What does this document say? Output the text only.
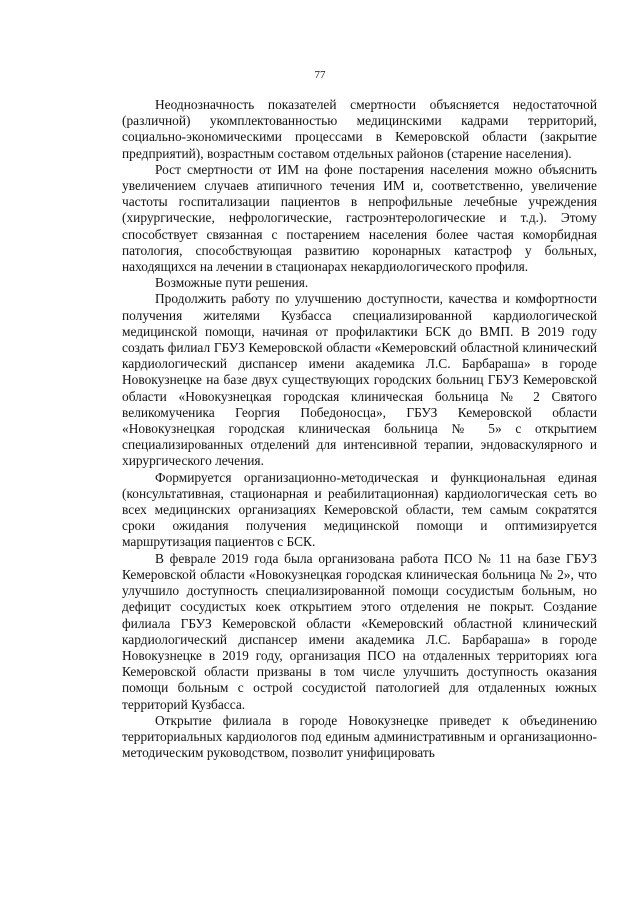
77

Неоднозначность показателей смертности объясняется недостаточной (различной) укомплектованностью медицинскими кадрами территорий, социально-экономическими процессами в Кемеровской области (закрытие предприятий), возрастным составом отдельных районов (старение населения).

Рост смертности от ИМ на фоне постарения населения можно объяснить увеличением случаев атипичного течения ИМ и, соответственно, увеличение частоты госпитализации пациентов в непрофильные лечебные учреждения (хирургические, нефрологические, гастроэнтерологические и т.д.). Этому способствует связанная с постарением населения более частая коморбидная патология, способствующая развитию коронарных катастроф у больных, находящихся на лечении в стационарах некардиологического профиля.

Возможные пути решения.

Продолжить работу по улучшению доступности, качества и комфортности получения жителями Кузбасса специализированной кардиологической медицинской помощи, начиная от профилактики БСК до ВМП. В 2019 году создать филиал ГБУЗ Кемеровской области «Кемеровский областной клинический кардиологический диспансер имени академика Л.С. Барбараша» в городе Новокузнецке на базе двух существующих городских больниц ГБУЗ Кемеровской области «Новокузнецкая городская клиническая больница № 2 Святого великомученика Георгия Победоносца», ГБУЗ Кемеровской области «Новокузнецкая городская клиническая больница № 5» с открытием специализированных отделений для интенсивной терапии, эндоваскулярного и хирургического лечения.

Формируется организационно-методическая и функциональная единая (консультативная, стационарная и реабилитационная) кардиологическая сеть во всех медицинских организациях Кемеровской области, тем самым сократятся сроки ожидания получения медицинской помощи и оптимизируется маршрутизация пациентов с БСК.

В феврале 2019 года была организована работа ПСО № 11 на базе ГБУЗ Кемеровской области «Новокузнецкая городская клиническая больница № 2», что улучшило доступность специализированной помощи сосудистым больным, но дефицит сосудистых коек открытием этого отделения не покрыт. Создание филиала ГБУЗ Кемеровской области «Кемеровский областной клинический кардиологический диспансер имени академика Л.С. Барбараша» в городе Новокузнецке в 2019 году, организация ПСО на отдаленных территориях юга Кемеровской области призваны в том числе улучшить доступность оказания помощи больным с острой сосудистой патологией для отдаленных южных территорий Кузбасса.

Открытие филиала в городе Новокузнецке приведет к объединению территориальных кардиологов под единым административным и организационно-методическим руководством, позволит унифицировать
